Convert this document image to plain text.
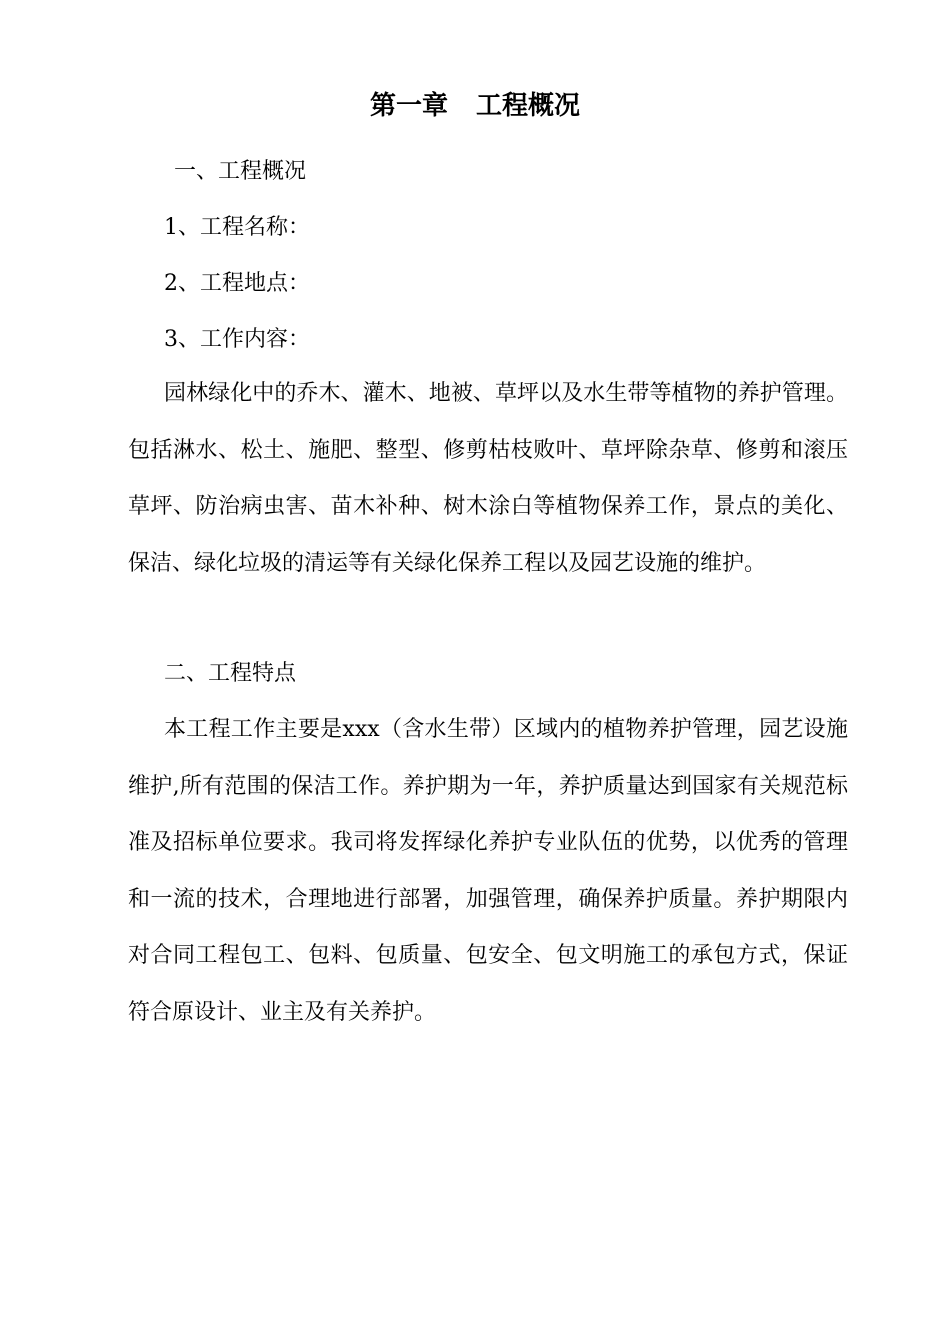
第一章 工程概况

一、工程概况

1、工程名称：

2、工程地点：

3、工作内容：

园林绿化中的乔木、灌木、地被、草坪以及水生带等植物的养护管理。包括淋水、松土、施肥、整型、修剪枯枝败叶、草坪除杂草、修剪和滚压草坪、防治病虫害、苗木补种、树木涂白等植物保养工作，景点的美化、保洁、绿化垃圾的清运等有关绿化保养工程以及园艺设施的维护。

二、工程特点

本工程工作主要是xxx（含水生带）区域内的植物养护管理，园艺设施维护,所有范围的保洁工作。养护期为一年，养护质量达到国家有关规范标准及招标单位要求。我司将发挥绿化养护专业队伍的优势，以优秀的管理和一流的技术，合理地进行部署，加强管理，确保养护质量。养护期限内对合同工程包工、包料、包质量、包安全、包文明施工的承包方式，保证符合原设计、业主及有关养护。
